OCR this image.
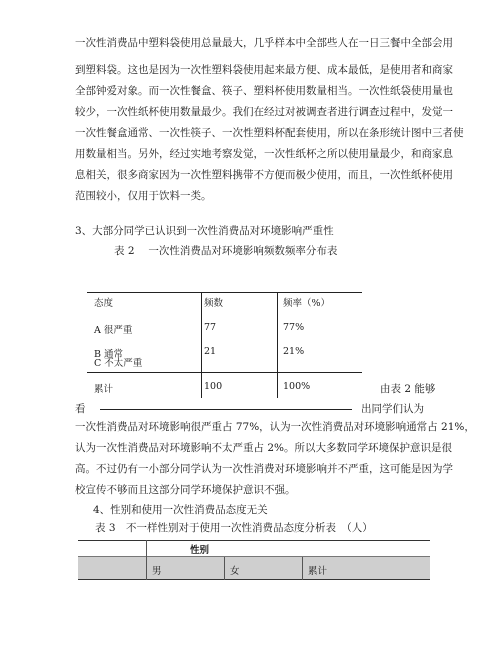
一次性消费品中塑料袋使用总量最大，几乎样本中全部些人在一日三餐中全部会用
到塑料袋。这也是因为一次性塑料袋使用起来最方便、成本最低，是使用者和商家
全部钟爱对象。而一次性餐盒、筷子、塑料杯使用数量相当。一次性纸袋使用量也
较少，一次性纸杯使用数量最少。我们在经过对被调查者进行调查过程中，发觉一
一次性餐盒通常、一次性筷子、一次性塑料杯配套使用，所以在条形统计图中三者使
用数量相当。另外，经过实地考察发觉，一次性纸杯之所以使用量最少，和商家息
息相关，很多商家因为一次性塑料携带不方便而极少使用，而且，一次性纸杯使用
范围较小，仅用于饮料一类。
3、大部分同学已认识到一次性消费品对环境影响严重性
表 2　 一次性消费品对环境影响频数频率分布表
态度	频数	频率（%）
A 很严重	77	77%
B 通常	21	21%
C 不太严重
累计	100	100%	由表 2 能够
看	出同学们认为
一次性消费品对环境影响很严重占 77%，认为一次性消费品对环境影响通常占 21%，
认为一次性消费品对环境影响不太严重占 2%。所以大多数同学环境保护意识是很
高。不过仍有一小部分同学认为一次性消费对环境影响并不严重，这可能是因为学
校宣传不够而且这部分同学环境保护意识不强。
4、性别和使用一次性消费品态度无关
表 3　不一样性别对于使用一次性消费品态度分析表　（人）
性别
男	女	累计
